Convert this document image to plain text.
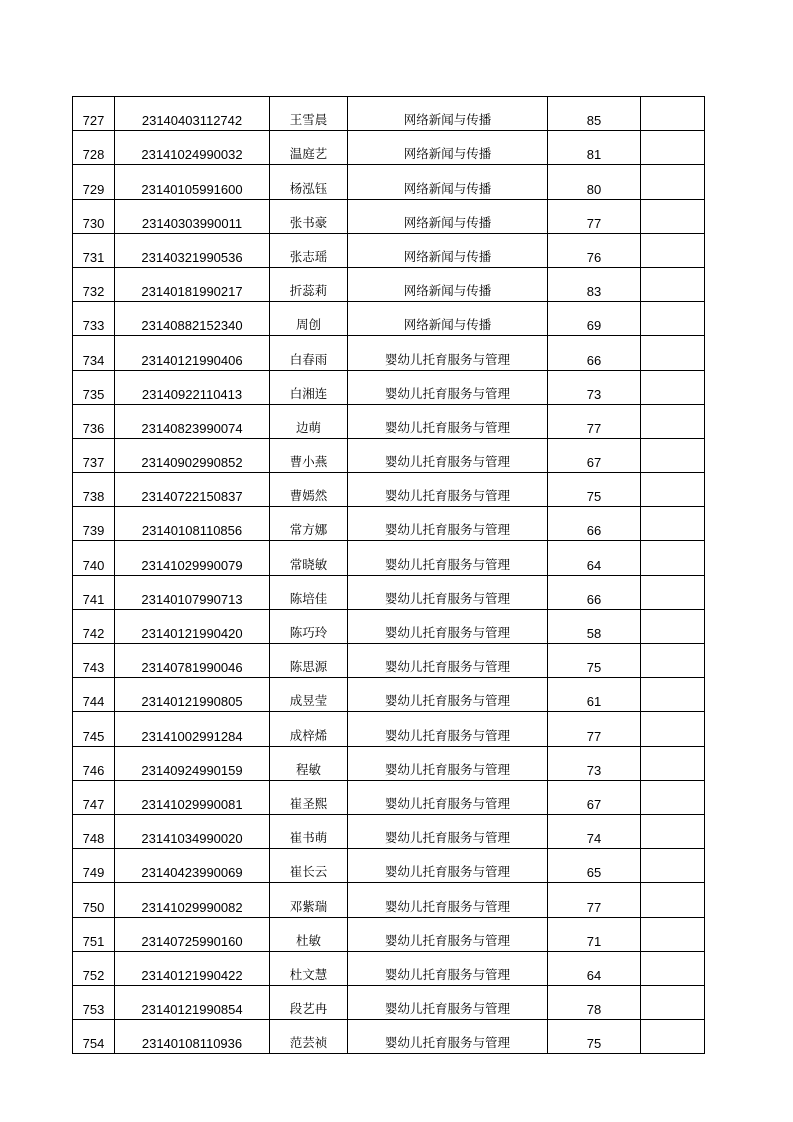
727	23140403112742	王雪晨	网络新闻与传播	85	
728	23141024990032	温庭艺	网络新闻与传播	81	
729	23140105991600	杨泓钰	网络新闻与传播	80	
730	23140303990011	张书豪	网络新闻与传播	77	
731	23140321990536	张志瑶	网络新闻与传播	76	
732	23140181990217	折蕊莉	网络新闻与传播	83	
733	23140882152340	周创	网络新闻与传播	69	
734	23140121990406	白春雨	婴幼儿托育服务与管理	66	
735	23140922110413	白湘连	婴幼儿托育服务与管理	73	
736	23140823990074	边萌	婴幼儿托育服务与管理	77	
737	23140902990852	曹小燕	婴幼儿托育服务与管理	67	
738	23140722150837	曹嫣然	婴幼儿托育服务与管理	75	
739	23140108110856	常方娜	婴幼儿托育服务与管理	66	
740	23141029990079	常晓敏	婴幼儿托育服务与管理	64	
741	23140107990713	陈培佳	婴幼儿托育服务与管理	66	
742	23140121990420	陈巧玲	婴幼儿托育服务与管理	58	
743	23140781990046	陈思源	婴幼儿托育服务与管理	75	
744	23140121990805	成昱莹	婴幼儿托育服务与管理	61	
745	23141002991284	成梓烯	婴幼儿托育服务与管理	77	
746	23140924990159	程敏	婴幼儿托育服务与管理	73	
747	23141029990081	崔圣熙	婴幼儿托育服务与管理	67	
748	23141034990020	崔书萌	婴幼儿托育服务与管理	74	
749	23140423990069	崔长云	婴幼儿托育服务与管理	65	
750	23141029990082	邓紫瑞	婴幼儿托育服务与管理	77	
751	23140725990160	杜敏	婴幼儿托育服务与管理	71	
752	23140121990422	杜文慧	婴幼儿托育服务与管理	64	
753	23140121990854	段艺冉	婴幼儿托育服务与管理	78	
754	23140108110936	范芸祯	婴幼儿托育服务与管理	75	
